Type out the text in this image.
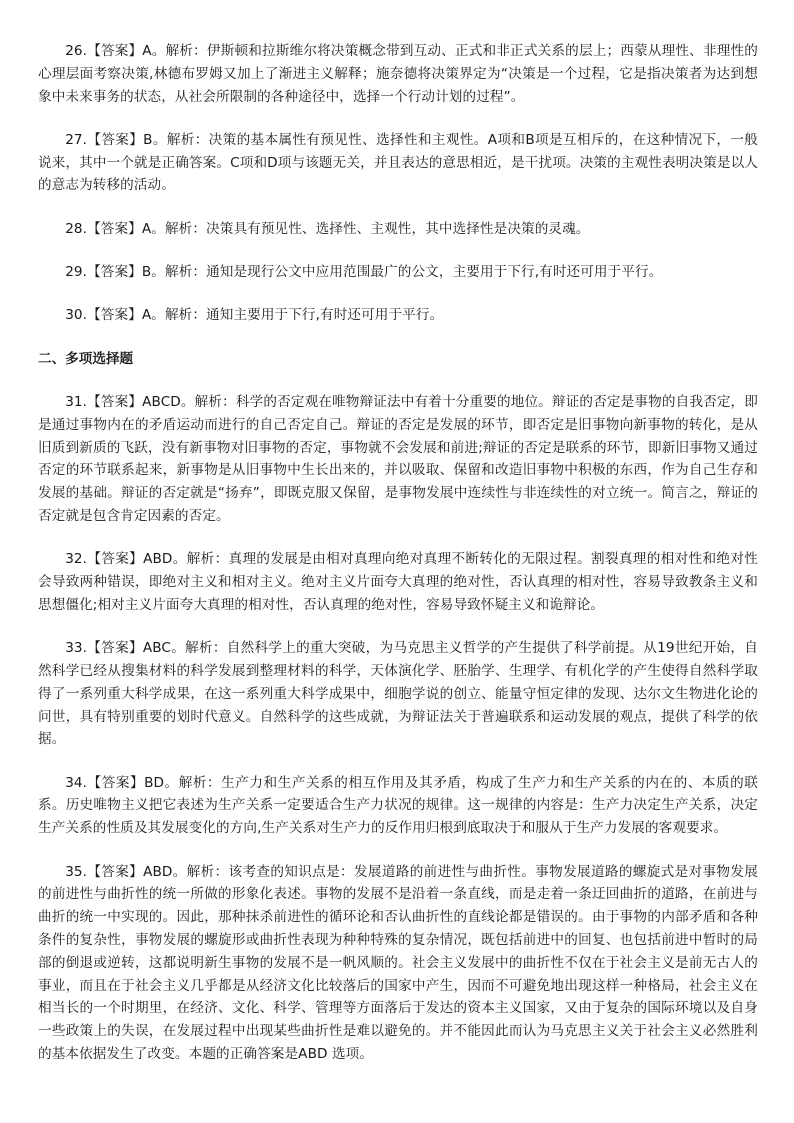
26.【答案】A。解析：伊斯顿和拉斯维尔将决策概念带到互动、正式和非正式关系的层上；西蒙从理性、非理性的心理层面考察决策,林德布罗姆又加上了渐进主义解释；施奈德将决策界定为“决策是一个过程，它是指决策者为达到想象中未来事务的状态，从社会所限制的各种途径中，选择一个行动计划的过程”。

27.【答案】B。解析：决策的基本属性有预见性、选择性和主观性。A项和B项是互相斥的，在这种情况下，一般说来，其中一个就是正确答案。C项和D项与该题无关，并且表达的意思相近，是干扰项。决策的主观性表明决策是以人的意志为转移的活动。

28.【答案】A。解析：决策具有预见性、选择性、主观性，其中选择性是决策的灵魂。

29.【答案】B。解析：通知是现行公文中应用范围最广的公文，主要用于下行,有时还可用于平行。

30.【答案】A。解析：通知主要用于下行,有时还可用于平行。

二、多项选择题

31.【答案】ABCD。解析：科学的否定观在唯物辩证法中有着十分重要的地位。辩证的否定是事物的自我否定，即是通过事物内在的矛盾运动而进行的自己否定自己。辩证的否定是发展的环节，即否定是旧事物向新事物的转化，是从旧质到新质的飞跃，没有新事物对旧事物的否定，事物就不会发展和前进;辩证的否定是联系的环节，即新旧事物又通过否定的环节联系起来，新事物是从旧事物中生长出来的，并以吸取、保留和改造旧事物中积极的东西，作为自己生存和发展的基础。辩证的否定就是“扬弃”，即既克服又保留，是事物发展中连续性与非连续性的对立统一。简言之，辩证的否定就是包含肯定因素的否定。

32.【答案】ABD。解析：真理的发展是由相对真理向绝对真理不断转化的无限过程。割裂真理的相对性和绝对性会导致两种错误，即绝对主义和相对主义。绝对主义片面夸大真理的绝对性，否认真理的相对性，容易导致教条主义和思想僵化;相对主义片面夸大真理的相对性，否认真理的绝对性，容易导致怀疑主义和诡辩论。

33.【答案】ABC。解析：自然科学上的重大突破，为马克思主义哲学的产生提供了科学前提。从19世纪开始，自然科学已经从搜集材料的科学发展到整理材料的科学，天体演化学、胚胎学、生理学、有机化学的产生使得自然科学取得了一系列重大科学成果，在这一系列重大科学成果中，细胞学说的创立、能量守恒定律的发现、达尔文生物进化论的问世，具有特别重要的划时代意义。自然科学的这些成就，为辩证法关于普遍联系和运动发展的观点，提供了科学的依据。

34.【答案】BD。解析：生产力和生产关系的相互作用及其矛盾，构成了生产力和生产关系的内在的、本质的联系。历史唯物主义把它表述为生产关系一定要适合生产力状况的规律。这一规律的内容是：生产力决定生产关系，决定生产关系的性质及其发展变化的方向,生产关系对生产力的反作用归根到底取决于和服从于生产力发展的客观要求。

35.【答案】ABD。解析：该考查的知识点是：发展道路的前进性与曲折性。事物发展道路的螺旋式是对事物发展的前进性与曲折性的统一所做的形象化表述。事物的发展不是沿着一条直线，而是走着一条迂回曲折的道路，在前进与曲折的统一中实现的。因此，那种抹杀前进性的循环论和否认曲折性的直线论都是错误的。由于事物的内部矛盾和各种条件的复杂性，事物发展的螺旋形或曲折性表现为种种特殊的复杂情况，既包括前进中的回复、也包括前进中暂时的局部的倒退或逆转，这都说明新生事物的发展不是一帆风顺的。社会主义发展中的曲折性不仅在于社会主义是前无古人的事业，而且在于社会主义几乎都是从经济文化比较落后的国家中产生，因而不可避免地出现这样一种格局，社会主义在相当长的一个时期里，在经济、文化、科学、管理等方面落后于发达的资本主义国家，又由于复杂的国际环境以及自身一些政策上的失误，在发展过程中出现某些曲折性是难以避免的。并不能因此而认为马克思主义关于社会主义必然胜利的基本依据发生了改变。本题的正确答案是ABD 选项。
